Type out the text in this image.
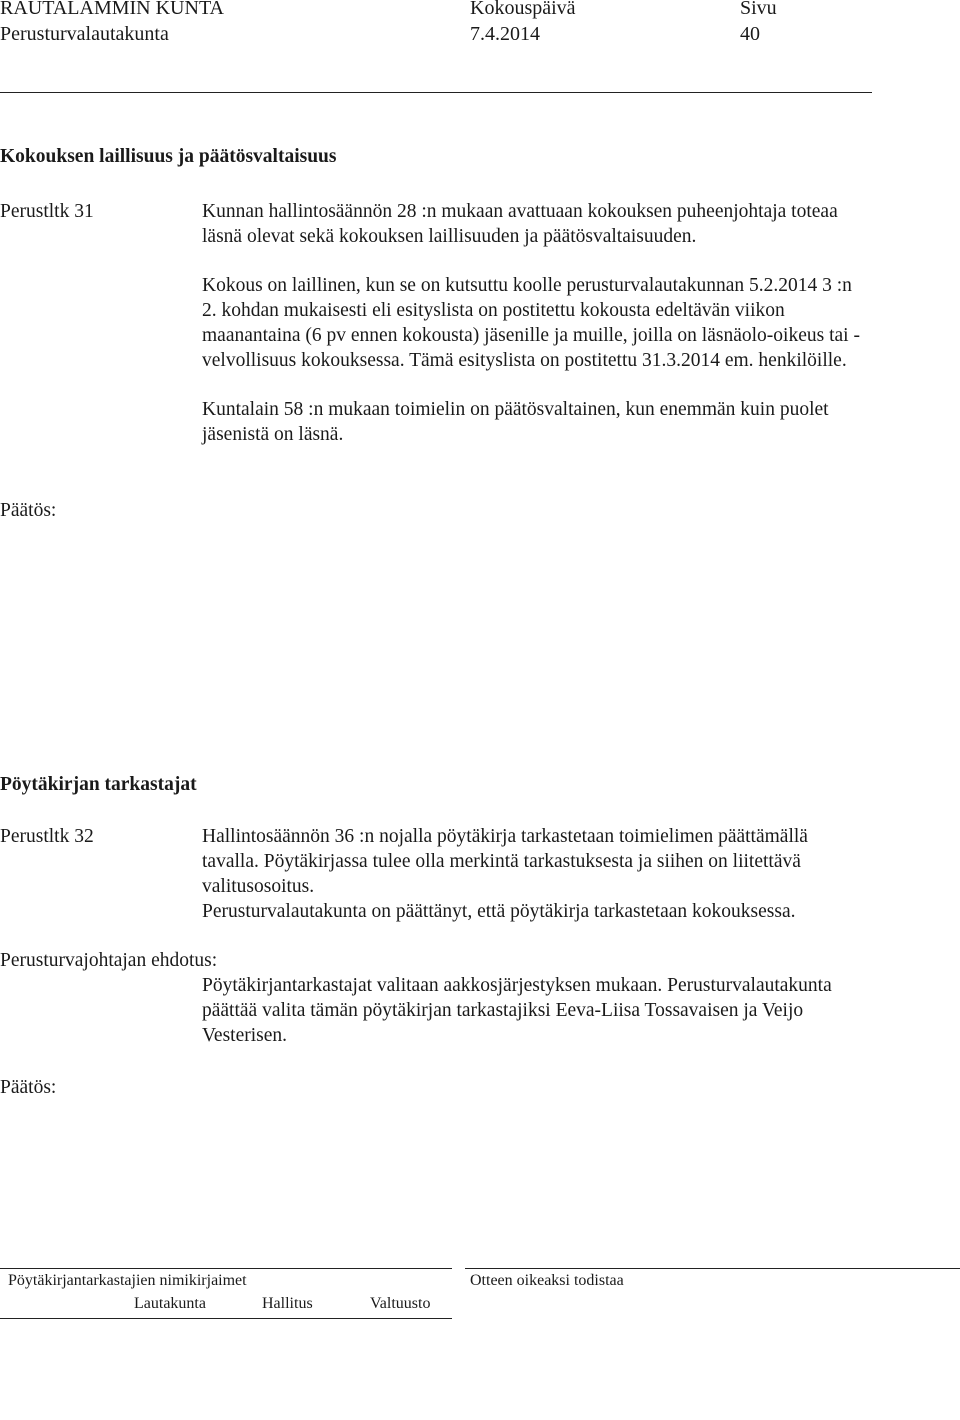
RAUTALAMMIN KUNTA
Perusturvalautakunta
Kokouspäivä
7.4.2014
Sivu
40
Kokouksen laillisuus ja päätösvaltaisuus
Perustltk 31	Kunnan hallintosäännön 28 :n mukaan avattuaan kokouksen puheenjohtaja toteaa läsnä olevat sekä kokouksen laillisuuden ja päätösvaltaisuuden.

Kokous on laillinen, kun se on kutsuttu koolle perusturvalautakunnan 5.2.2014 3 :n 2. kohdan mukaisesti eli esityslista on postitettu kokousta edeltävän viikon maanantaina (6 pv ennen kokousta) jäsenille ja muille, joilla on läsnäolo-oikeus tai -velvollisuus kokouksessa. Tämä esityslista on postitettu 31.3.2014 em. henkilöille.

Kuntalain 58 :n mukaan toimielin on päätösvaltainen, kun enemmän kuin puolet jäsenistä on läsnä.

Päätös:
Pöytäkirjan tarkastajat
Perustltk 32	Hallintosäännön 36 :n nojalla pöytäkirja tarkastetaan toimielimen päättämällä tavalla. Pöytäkirjassa tulee olla merkintä tarkastuksesta ja siihen on liitettävä valitusosoitus.

Perusturvalautakunta on päättänyt, että pöytäkirja tarkastetaan kokouksessa.

Perusturvajohtajan ehdotus:

Pöytäkirjantarkastajat valitaan aakkosjärjestyksen mukaan. Perusturvalautakunta päättää valita tämän pöytäkirjan tarkastajiksi Eeva-Liisa Tossavaisen ja Veijo Vesterisen.

Päätös:
Pöytäkirjantarkastajien nimikirjaimet	Otteen oikeaksi todistaa
Lautakunta	Hallitus	Valtuusto
